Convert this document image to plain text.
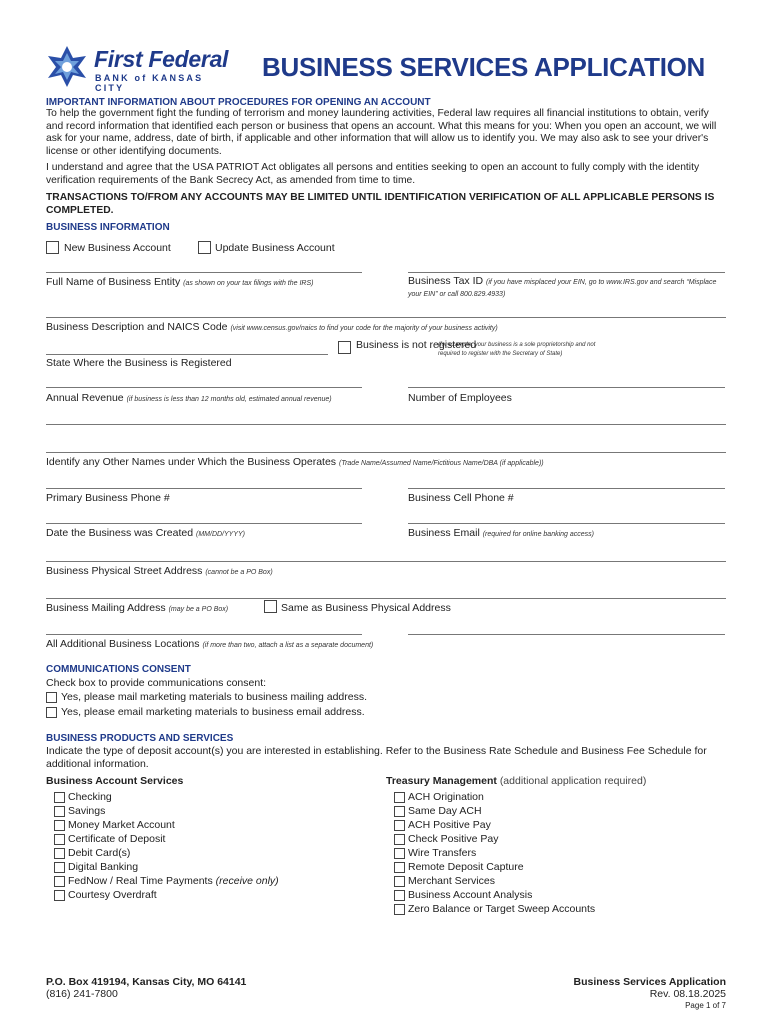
First Federal
BANK of KANSAS CITY
BUSINESS SERVICES APPLICATION
IMPORTANT INFORMATION ABOUT PROCEDURES FOR OPENING AN ACCOUNT
To help the government fight the funding of terrorism and money laundering activities, Federal law requires all financial institutions to obtain, verify and record information that identified each person or business that opens an account. What this means for you: When you open an account, we will ask for your name, address, date of birth, if applicable and other information that will allow us to identify you. We may also ask to see your driver's license or other identifying documents.
I understand and agree that the USA PATRIOT Act obligates all persons and entities seeking to open an account to fully comply with the identity verification requirements of the Bank Secrecy Act, as amended from time to time.
TRANSACTIONS TO/FROM ANY ACCOUNTS MAY BE LIMITED UNTIL IDENTIFICATION VERIFICATION OF ALL APPLICABLE PERSONS IS COMPLETED.
BUSINESS INFORMATION
New Business Account	Update Business Account
Full Name of Business Entity (as shown on your tax filings with the IRS)	Business Tax ID (if you have misplaced your EIN, go to www.IRS.gov and search “Misplace your EIN” or call 800.829.4933)
Business Description and NAICS Code (visit www.census.gov/naics to find your code for the majority of your business activity)
State Where the Business is Registered
Business is not registered
(for example, your business is a sole proprietorship and not required to register with the Secretary of State)
Annual Revenue (if business is less than 12 months old, estimated annual revenue)	Number of Employees
Identify any Other Names under Which the Business Operates (Trade Name/Assumed Name/Fictitious Name/DBA (if applicable))
Primary Business Phone #	Business Cell Phone #
Date the Business was Created (MM/DD/YYYY)	Business Email (required for online banking access)
Business Physical Street Address (cannot be a PO Box)
Business Mailing Address (may be a PO Box)	Same as Business Physical Address
All Additional Business Locations (if more than two, attach a list as a separate document)
COMMUNICATIONS CONSENT
Check box to provide communications consent:
Yes, please mail marketing materials to business mailing address.
Yes, please email marketing materials to business email address.
BUSINESS PRODUCTS AND SERVICES
Indicate the type of deposit account(s) you are interested in establishing. Refer to the Business Rate Schedule and Business Fee Schedule for additional information.
Business Account Services	Treasury Management (additional application required)
Checking
Savings
Money Market Account
Certificate of Deposit
Debit Card(s)
Digital Banking
FedNow / Real Time Payments (receive only)
Courtesy Overdraft
ACH Origination
Same Day ACH
ACH Positive Pay
Check Positive Pay
Wire Transfers
Remote Deposit Capture
Merchant Services
Business Account Analysis
Zero Balance or Target Sweep Accounts
P.O. Box 419194, Kansas City, MO 64141
(816) 241-7800
Business Services Application
Rev. 08.18.2025
Page 1 of 7
